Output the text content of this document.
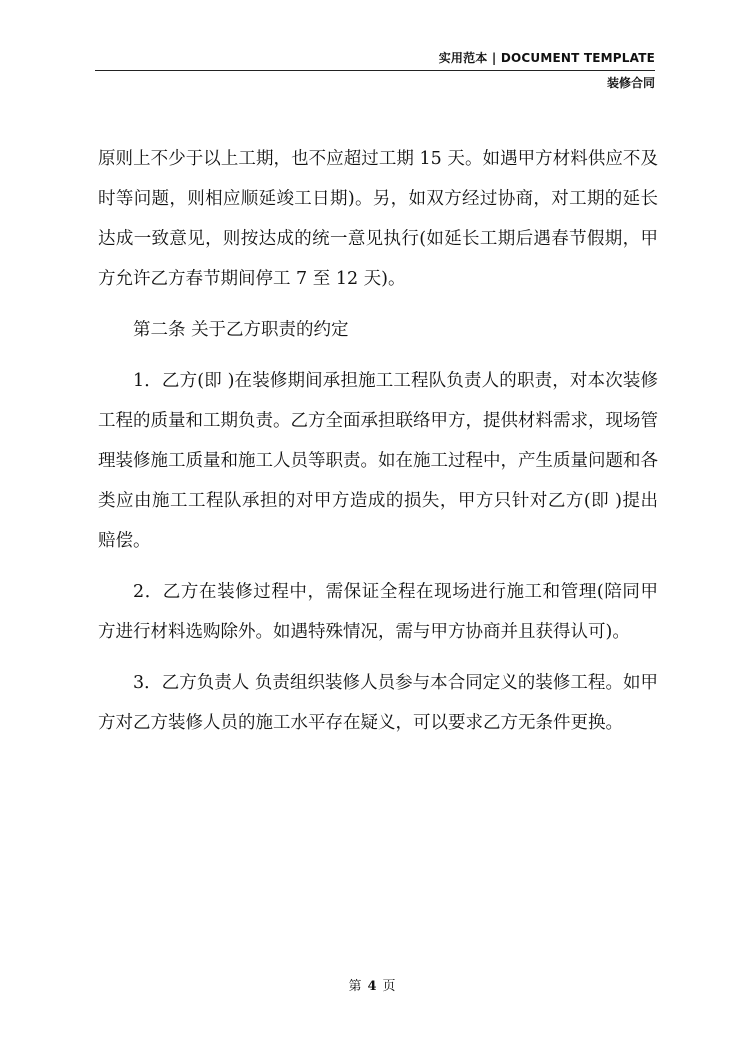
实用范本 | DOCUMENT TEMPLATE
装修合同

原则上不少于以上工期，也不应超过工期 15 天。如遇甲方材料供应不及时等问题，则相应顺延竣工日期)。另，如双方经过协商，对工期的延长达成一致意见，则按达成的统一意见执行(如延长工期后遇春节假期，甲方允许乙方春节期间停工 7 至 12 天)。

第二条 关于乙方职责的约定

1．乙方(即 )在装修期间承担施工工程队负责人的职责，对本次装修工程的质量和工期负责。乙方全面承担联络甲方，提供材料需求，现场管理装修施工质量和施工人员等职责。如在施工过程中，产生质量问题和各类应由施工工程队承担的对甲方造成的损失，甲方只针对乙方(即 )提出赔偿。

2．乙方在装修过程中，需保证全程在现场进行施工和管理(陪同甲方进行材料选购除外。如遇特殊情况，需与甲方协商并且获得认可)。

3．乙方负责人 负责组织装修人员参与本合同定义的装修工程。如甲方对乙方装修人员的施工水平存在疑义，可以要求乙方无条件更换。

第 4 页
